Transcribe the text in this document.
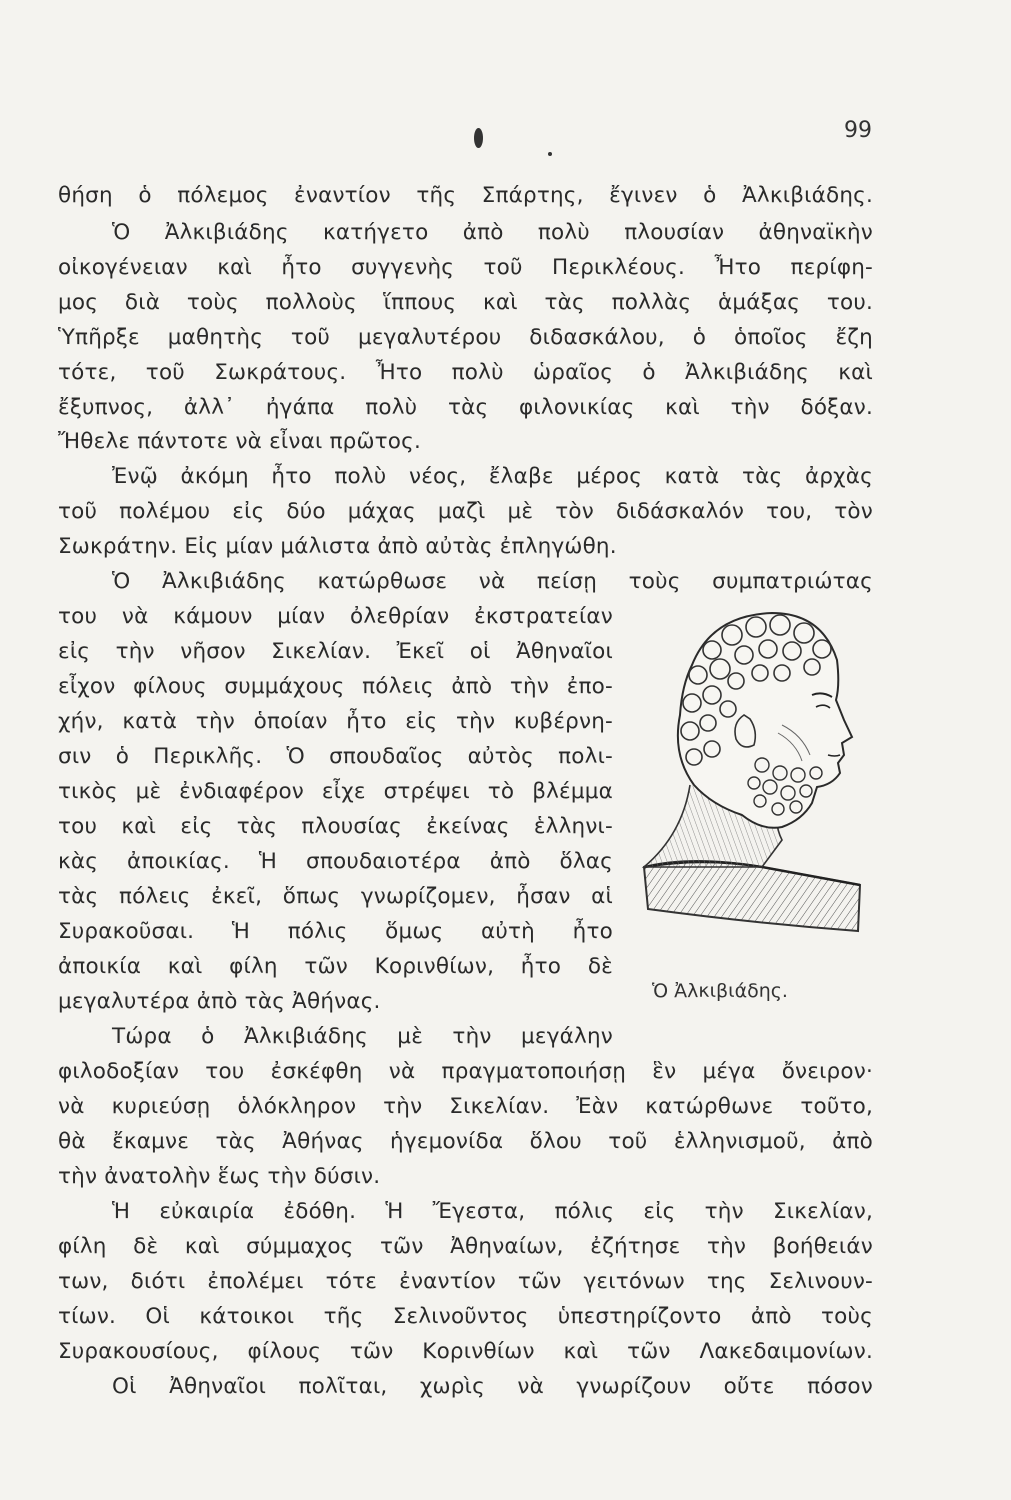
99
θήση ὁ πόλεμος ἐναντίον τῆς Σπάρτης, ἔγινεν ὁ Ἀλκιβιάδης.
Ὁ Ἀλκιβιάδης κατήγετο ἀπὸ πολὺ πλουσίαν ἀθηναϊκὴν
οἰκογένειαν καὶ ἦτο συγγενὴς τοῦ Περικλέους. Ἦτο περίφη-
μος διὰ τοὺς πολλοὺς ἵππους καὶ τὰς πολλὰς ἁμάξας του.
Ὑπῆρξε μαθητὴς τοῦ μεγαλυτέρου διδασκάλου, ὁ ὁποῖος ἔζη
τότε, τοῦ Σωκράτους. Ἦτο πολὺ ὡραῖος ὁ Ἀλκιβιάδης καὶ
ἔξυπνος, ἀλλ᾽ ἠγάπα πολὺ τὰς φιλονικίας καὶ τὴν δόξαν.
Ἤθελε πάντοτε νὰ εἶναι πρῶτος.
Ἐνῷ ἀκόμη ἦτο πολὺ νέος, ἔλαβε μέρος κατὰ τὰς ἀρχὰς
τοῦ πολέμου εἰς δύο μάχας μαζὶ μὲ τὸν διδάσκαλόν του, τὸν
Σωκράτην. Εἰς μίαν μάλιστα ἀπὸ αὐτὰς ἐπληγώθη.
Ὁ Ἀλκιβιάδης κατώρθωσε νὰ πείσῃ τοὺς συμπατριώτας
του νὰ κάμουν μίαν ὀλεθρίαν ἐκστρατείαν
εἰς τὴν νῆσον Σικελίαν. Ἐκεῖ οἱ Ἀθηναῖοι
εἶχον φίλους συμμάχους πόλεις ἀπὸ τὴν ἐπο-
χήν, κατὰ τὴν ὁποίαν ἦτο εἰς τὴν κυβέρνη-
σιν ὁ Περικλῆς. Ὁ σπουδαῖος αὐτὸς πολι-
τικὸς μὲ ἐνδιαφέρον εἶχε στρέψει τὸ βλέμμα
του καὶ εἰς τὰς πλουσίας ἐκείνας ἑλληνι-
κὰς ἀποικίας. Ἡ σπουδαιοτέρα ἀπὸ ὅλας
τὰς πόλεις ἐκεῖ, ὅπως γνωρίζομεν, ἦσαν αἱ
Συρακοῦσαι. Ἡ πόλις ὅμως αὐτὴ ἦτο
ἀποικία καὶ φίλη τῶν Κορινθίων, ἦτο δὲ
μεγαλυτέρα ἀπὸ τὰς Ἀθήνας.
Τώρα ὁ Ἀλκιβιάδης μὲ τὴν μεγάλην
φιλοδοξίαν του ἐσκέφθη νὰ πραγματοποιήσῃ ἓν μέγα ὄνειρον·
νὰ κυριεύσῃ ὁλόκληρον τὴν Σικελίαν. Ἐὰν κατώρθωνε τοῦτο,
θὰ ἔκαμνε τὰς Ἀθήνας ἡγεμονίδα ὅλου τοῦ ἑλληνισμοῦ, ἀπὸ
τὴν ἀνατολὴν ἕως τὴν δύσιν.
Ἡ εὐκαιρία ἐδόθη. Ἡ Ἔγεστα, πόλις εἰς τὴν Σικελίαν,
φίλη δὲ καὶ σύμμαχος τῶν Ἀθηναίων, ἐζήτησε τὴν βοήθειάν
των, διότι ἐπολέμει τότε ἐναντίον τῶν γειτόνων της Σελινουν-
τίων. Οἱ κάτοικοι τῆς Σελινοῦντος ὑπεστηρίζοντο ἀπὸ τοὺς
Συρακουσίους, φίλους τῶν Κορινθίων καὶ τῶν Λακεδαιμονίων.
Οἱ Ἀθηναῖοι πολῖται, χωρὶς νὰ γνωρίζουν οὔτε πόσον
Ὁ Ἀλκιβιάδης.
